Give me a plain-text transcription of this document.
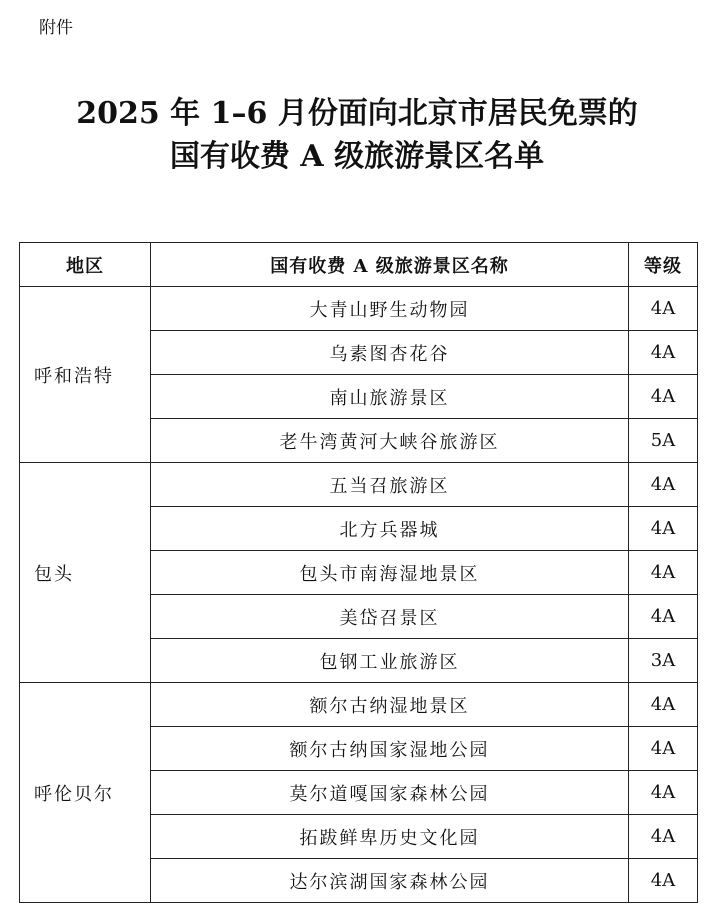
附件
2025 年 1–6 月份面向北京市居民免票的
国有收费 A 级旅游景区名单
地区	国有收费 A 级旅游景区名称	等级
呼和浩特	大青山野生动物园	4A
	乌素图杏花谷	4A
	南山旅游景区	4A
	老牛湾黄河大峡谷旅游区	5A
包头	五当召旅游区	4A
	北方兵器城	4A
	包头市南海湿地景区	4A
	美岱召景区	4A
	包钢工业旅游区	3A
呼伦贝尔	额尔古纳湿地景区	4A
	额尔古纳国家湿地公园	4A
	莫尔道嘎国家森林公园	4A
	拓跋鲜卑历史文化园	4A
	达尔滨湖国家森林公园	4A
